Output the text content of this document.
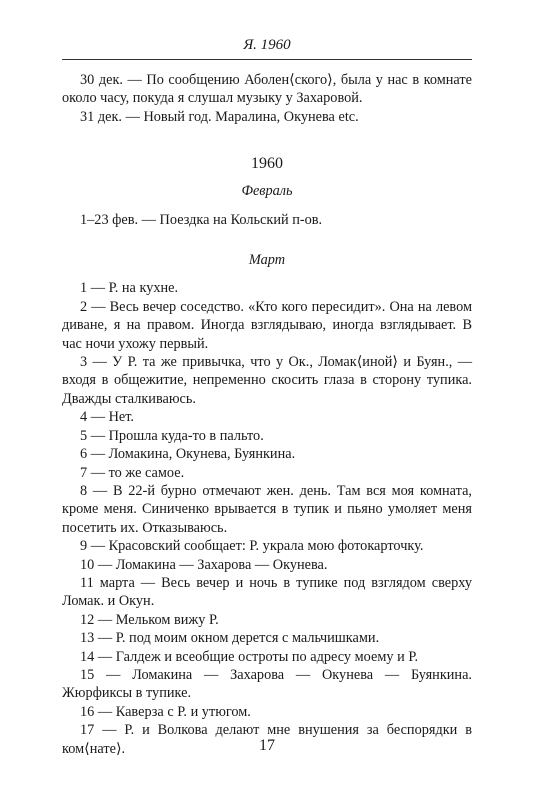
Я. 1960

30 дек. — По сообщению Аболен⟨ского⟩, была у нас в комнате около часу, покуда я слушал музыку у Захаровой.

31 дек. — Новый год. Маралина, Окунева etc.

1960
Февраль

1–23 фев. — Поездка на Кольский п-ов.

Март

1 — Р. на кухне.

2 — Весь вечер соседство. «Кто кого пересидит». Она на левом диване, я на правом. Иногда взглядываю, иногда взглядывает. В час ночи ухожу первый.

3 — У Р. та же привычка, что у Ок., Ломак⟨иной⟩ и Буян., — входя в общежитие, непременно скосить глаза в сторону тупика. Дважды сталкиваюсь.

4 — Нет.

5 — Прошла куда-то в пальто.

6 — Ломакина, Окунева, Буянкина.

7 — то же самое.

8 — В 22-й бурно отмечают жен. день. Там вся моя комната, кроме меня. Синиченко врывается в тупик и пьяно умоляет меня посетить их. Отказываюсь.

9 — Красовский сообщает: Р. украла мою фотокарточку.

10 — Ломакина — Захарова — Окунева.

11 марта — Весь вечер и ночь в тупике под взглядом сверху Ломак. и Окун.

12 — Мельком вижу Р.

13 — Р. под моим окном дерется с мальчишками.

14 — Галдеж и всеобщие остроты по адресу моему и Р.

15 — Ломакина — Захарова — Окунева — Буянкина. Жюрфиксы в тупике.

16 — Каверза с Р. и утюгом.

17 — Р. и Волкова делают мне внушения за беспорядки в ком⟨нате⟩.	17
